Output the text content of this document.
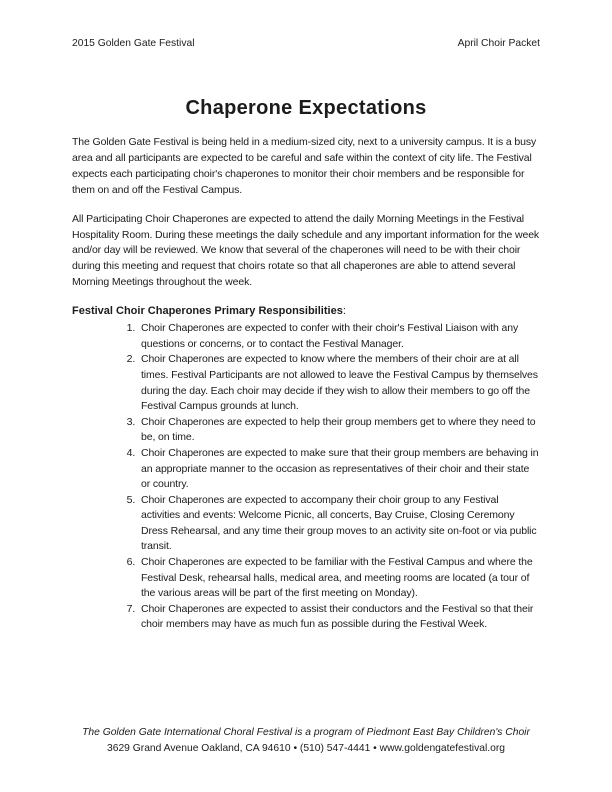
2015 Golden Gate Festival	April Choir Packet
Chaperone Expectations

The Golden Gate Festival is being held in a medium-sized city, next to a university campus. It is a busy area and all participants are expected to be careful and safe within the context of city life. The Festival expects each participating choir's chaperones to monitor their choir members and be responsible for them on and off the Festival Campus.

All Participating Choir Chaperones are expected to attend the daily Morning Meetings in the Festival Hospitality Room. During these meetings the daily schedule and any important information for the week and/or day will be reviewed. We know that several of the chaperones will need to be with their choir during this meeting and request that choirs rotate so that all chaperones are able to attend several Morning Meetings throughout the week.

Festival Choir Chaperones Primary Responsibilities:
1. Choir Chaperones are expected to confer with their choir's Festival Liaison with any questions or concerns, or to contact the Festival Manager.
2. Choir Chaperones are expected to know where the members of their choir are at all times. Festival Participants are not allowed to leave the Festival Campus by themselves during the day. Each choir may decide if they wish to allow their members to go off the Festival Campus grounds at lunch.
3. Choir Chaperones are expected to help their group members get to where they need to be, on time.
4. Choir Chaperones are expected to make sure that their group members are behaving in an appropriate manner to the occasion as representatives of their choir and their state or country.
5. Choir Chaperones are expected to accompany their choir group to any Festival activities and events: Welcome Picnic, all concerts, Bay Cruise, Closing Ceremony Dress Rehearsal, and any time their group moves to an activity site on-foot or via public transit.
6. Choir Chaperones are expected to be familiar with the Festival Campus and where the Festival Desk, rehearsal halls, medical area, and meeting rooms are located (a tour of the various areas will be part of the first meeting on Monday).
7. Choir Chaperones are expected to assist their conductors and the Festival so that their choir members may have as much fun as possible during the Festival Week.
The Golden Gate International Choral Festival is a program of Piedmont East Bay Children's Choir
3629 Grand Avenue Oakland, CA 94610 • (510) 547-4441 • www.goldengatefestival.org
